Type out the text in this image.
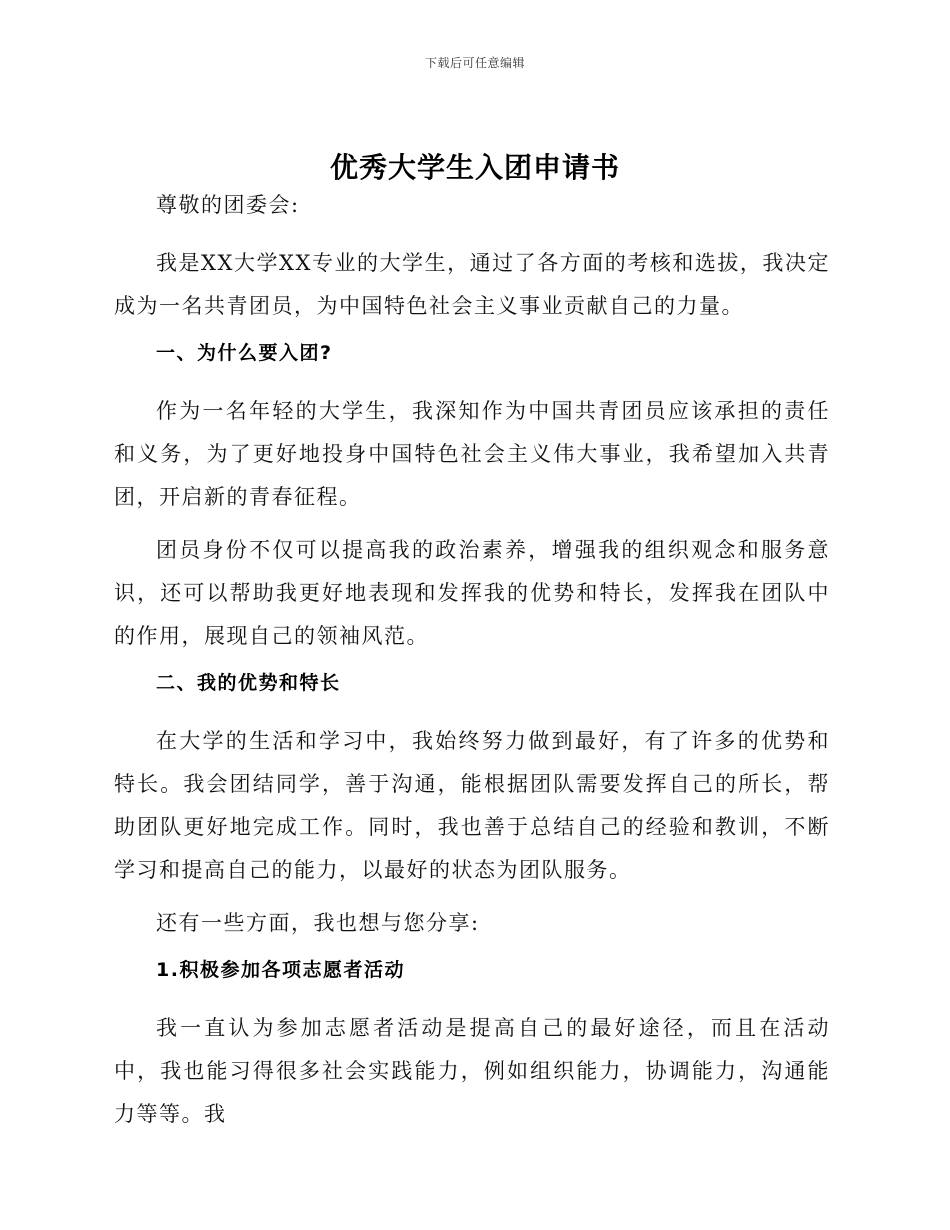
下载后可任意编辑
优秀大学生入团申请书

尊敬的团委会:

我是XX大学XX专业的大学生，通过了各方面的考核和选拔，我决定成为一名共青团员，为中国特色社会主义事业贡献自己的力量。

一、为什么要入团?

作为一名年轻的大学生，我深知作为中国共青团员应该承担的责任和义务，为了更好地投身中国特色社会主义伟大事业，我希望加入共青团，开启新的青春征程。

团员身份不仅可以提高我的政治素养，增强我的组织观念和服务意识，还可以帮助我更好地表现和发挥我的优势和特长，发挥我在团队中的作用，展现自己的领袖风范。

二、我的优势和特长

在大学的生活和学习中，我始终努力做到最好，有了许多的优势和特长。我会团结同学，善于沟通，能根据团队需要发挥自己的所长，帮助团队更好地完成工作。同时，我也善于总结自己的经验和教训，不断学习和提高自己的能力，以最好的状态为团队服务。

还有一些方面，我也想与您分享:

1.积极参加各项志愿者活动

我一直认为参加志愿者活动是提高自己的最好途径，而且在活动中，我也能习得很多社会实践能力，例如组织能力，协调能力，沟通能力等等。我
